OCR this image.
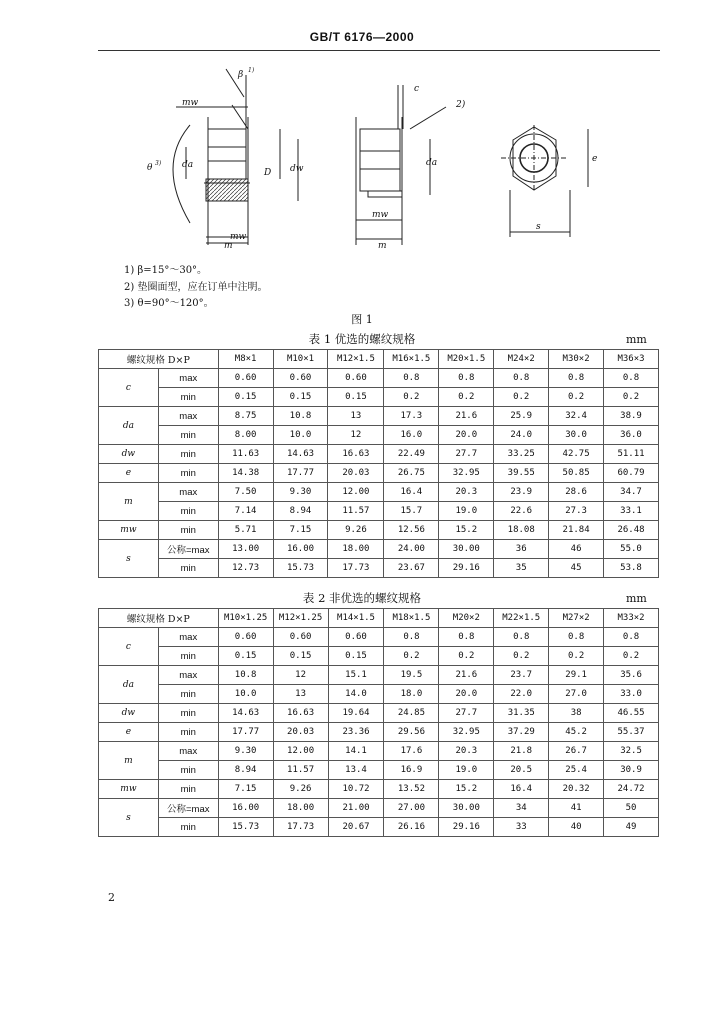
GB/T 6176—2000
β 1)
θ 3)
mw
mw
m
da
D dw
c
2)
da
mw
m
s
e
1) β=15°～30°。
2) 垫圈面型，应在订单中注明。
3) θ=90°～120°。
图 1
表 1 优选的螺纹规格	mm
螺纹规格 D×P		M8×1	M10×1	M12×1.5	M16×1.5	M20×1.5	M24×2	M30×2	M36×3
c	max	0.60	0.60	0.60	0.8	0.8	0.8	0.8	0.8
	min	0.15	0.15	0.15	0.2	0.2	0.2	0.2	0.2
da	max	8.75	10.8	13	17.3	21.6	25.9	32.4	38.9
	min	8.00	10.0	12	16.0	20.0	24.0	30.0	36.0
dw	min	11.63	14.63	16.63	22.49	27.7	33.25	42.75	51.11
e	min	14.38	17.77	20.03	26.75	32.95	39.55	50.85	60.79
m	max	7.50	9.30	12.00	16.4	20.3	23.9	28.6	34.7
	min	7.14	8.94	11.57	15.7	19.0	22.6	27.3	33.1
mw	min	5.71	7.15	9.26	12.56	15.2	18.08	21.84	26.48
s	公称=max	13.00	16.00	18.00	24.00	30.00	36	46	55.0
	min	12.73	15.73	17.73	23.67	29.16	35	45	53.8
表 2 非优选的螺纹规格	mm
螺纹规格 D×P		M10×1.25	M12×1.25	M14×1.5	M18×1.5	M20×2	M22×1.5	M27×2	M33×2
c	max	0.60	0.60	0.60	0.8	0.8	0.8	0.8	0.8
	min	0.15	0.15	0.15	0.2	0.2	0.2	0.2	0.2
da	max	10.8	12	15.1	19.5	21.6	23.7	29.1	35.6
	min	10.0	13	14.0	18.0	20.0	22.0	27.0	33.0
dw	min	14.63	16.63	19.64	24.85	27.7	31.35	38	46.55
e	min	17.77	20.03	23.36	29.56	32.95	37.29	45.2	55.37
m	max	9.30	12.00	14.1	17.6	20.3	21.8	26.7	32.5
	min	8.94	11.57	13.4	16.9	19.0	20.5	25.4	30.9
mw	min	7.15	9.26	10.72	13.52	15.2	16.4	20.32	24.72
s	公称=max	16.00	18.00	21.00	27.00	30.00	34	41	50
	min	15.73	17.73	20.67	26.16	29.16	33	40	49
2
